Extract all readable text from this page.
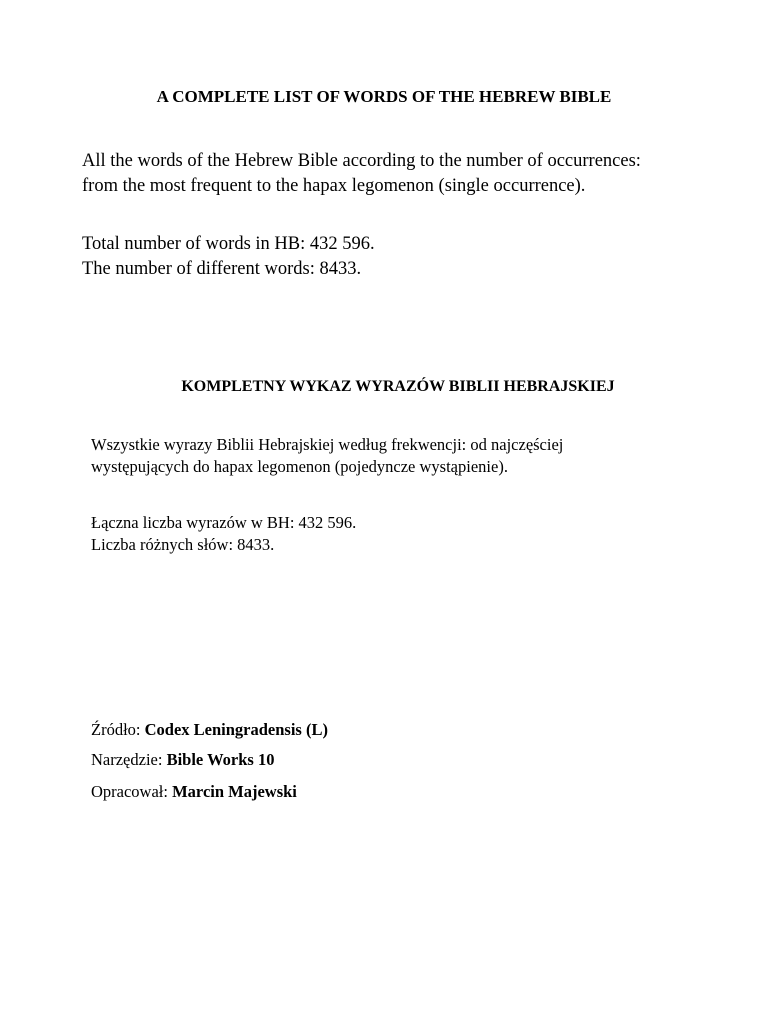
A COMPLETE LIST OF WORDS OF THE HEBREW BIBLE
All the words of the Hebrew Bible according to the number of occurrences:
from the most frequent to the hapax legomenon (single occurrence).
Total number of words in HB: 432 596.
The number of different words: 8433.
KOMPLETNY WYKAZ WYRAZÓW BIBLII HEBRAJSKIEJ
Wszystkie wyrazy Biblii Hebrajskiej według frekwencji: od najczęściej
występujących do hapax legomenon (pojedyncze wystąpienie).
Łączna liczba wyrazów w BH: 432 596.
Liczba różnych słów: 8433.
Źródło: Codex Leningradensis (L)
Narzędzie: Bible Works 10
Opracował: Marcin Majewski
